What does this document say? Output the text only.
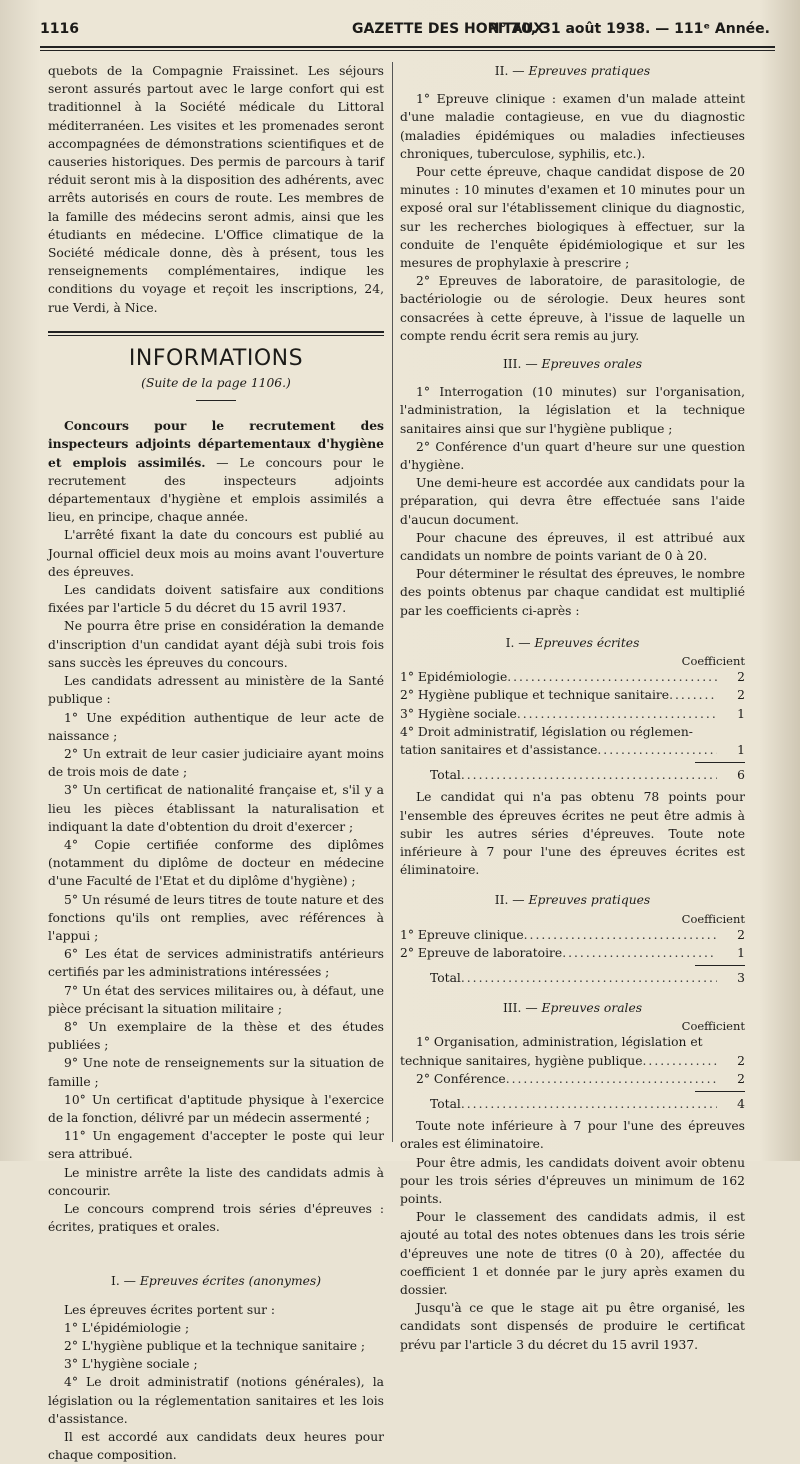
1116	GAZETTE DES HOPITAUX
N° 70, 31 août 1938. — 111ᵉ Année.

quebots de la Compagnie Fraissinet. Les séjours seront assurés partout avec le large confort qui est traditionnel à la Société médicale du Littoral méditerranéen. Les visites et les promenades seront accompagnées de démonstrations scientifiques et de causeries historiques. Des permis de parcours à tarif réduit seront mis à la disposition des adhérents, avec arrêts autorisés en cours de route. Les membres de la famille des médecins seront admis, ainsi que les étudiants en médecine. L'Office climatique de la Société médicale donne, dès à présent, tous les renseignements complémentaires, indique les conditions du voyage et reçoit les inscriptions, 24, rue Verdi, à Nice.

INFORMATIONS
(Suite de la page 1106.)

Concours pour le recrutement des inspecteurs adjoints départementaux d'hygiène et emplois assimilés. — Le concours pour le recrutement des inspecteurs adjoints départementaux d'hygiène et emplois assimilés a lieu, en principe, chaque année.

L'arrêté fixant la date du concours est publié au Journal officiel deux mois au moins avant l'ouverture des épreuves.

Les candidats doivent satisfaire aux conditions fixées par l'article 5 du décret du 15 avril 1937.

Ne pourra être prise en considération la demande d'inscription d'un candidat ayant déjà subi trois fois sans succès les épreuves du concours.

Les candidats adressent au ministère de la Santé publique :

1° Une expédition authentique de leur acte de naissance ;

2° Un extrait de leur casier judiciaire ayant moins de trois mois de date ;

3° Un certificat de nationalité française et, s'il y a lieu les pièces établissant la naturalisation et indiquant la date d'obtention du droit d'exercer ;

4° Copie certifiée conforme des diplômes (notamment du diplôme de docteur en médecine d'une Faculté de l'Etat et du diplôme d'hygiène) ;

5° Un résumé de leurs titres de toute nature et des fonctions qu'ils ont remplies, avec références à l'appui ;

6° Les état de services administratifs antérieurs certifiés par les administrations intéressées ;

7° Un état des services militaires ou, à défaut, une pièce précisant la situation militaire ;

8° Un exemplaire de la thèse et des études publiées ;

9° Une note de renseignements sur la situation de famille ;

10° Un certificat d'aptitude physique à l'exercice de la fonction, délivré par un médecin assermenté ;

11° Un engagement d'accepter le poste qui leur sera attribué.

Le ministre arrête la liste des candidats admis à concourir.

Le concours comprend trois séries d'épreuves : écrites, pratiques et orales.

I. — Epreuves écrites (anonymes)

Les épreuves écrites portent sur :

1° L'épidémiologie ;

2° L'hygiène publique et la technique sanitaire ;

3° L'hygiène sociale ;

4° Le droit administratif (notions générales), la législation ou la réglementation sanitaires et les lois d'assistance.

Il est accordé aux candidats deux heures pour chaque composition.

II. — Epreuves pratiques

1° Epreuve clinique : examen d'un malade atteint d'une maladie contagieuse, en vue du diagnostic (maladies épidémiques ou maladies infectieuses chroniques, tuberculose, syphilis, etc.).

Pour cette épreuve, chaque candidat dispose de 20 minutes : 10 minutes d'examen et 10 minutes pour un exposé oral sur l'établissement clinique du diagnostic, sur les recherches biologiques à effectuer, sur la conduite de l'enquête épidémiologique et sur les mesures de prophylaxie à prescrire ;

2° Epreuves de laboratoire, de parasitologie, de bactériologie ou de sérologie. Deux heures sont consacrées à cette épreuve, à l'issue de laquelle un compte rendu écrit sera remis au jury.

III. — Epreuves orales

1° Interrogation (10 minutes) sur l'organisation, l'administration, la législation et la technique sanitaires ainsi que sur l'hygiène publique ;

2° Conférence d'un quart d'heure sur une question d'hygiène.

Une demi-heure est accordée aux candidats pour la préparation, qui devra être effectuée sans l'aide d'aucun document.

Pour chacune des épreuves, il est attribué aux candidats un nombre de points variant de 0 à 20.

Pour déterminer le résultat des épreuves, le nombre des points obtenus par chaque candidat est multiplié par les coefficients ci-après :

I. — Epreuves écrites
Coefficient
1° Epidémiologie .....	2
2° Hygiène publique et technique sanitaire .....	2
3° Hygiène sociale .....	1
4° Droit administratif, législation ou réglemen-
tation sanitaires et d'assistance .....	1
Total .....	6

Le candidat qui n'a pas obtenu 78 points pour l'ensemble des épreuves écrites ne peut être admis à subir les autres séries d'épreuves. Toute note inférieure à 7 pour l'une des épreuves écrites est éliminatoire.

II. — Epreuves pratiques
Coefficient
1° Epreuve clinique .....	2
2° Epreuve de laboratoire .....	1
Total .....	3
III. — Epreuves orales
Coefficient
1° Organisation, administration, législation et
technique sanitaires, hygiène publique .....	2
2° Conférence .....	2
Total .....	4

Toute note inférieure à 7 pour l'une des épreuves orales est éliminatoire.

Pour être admis, les candidats doivent avoir obtenu pour les trois séries d'épreuves un minimum de 162 points.

Pour le classement des candidats admis, il est ajouté au total des notes obtenues dans les trois série d'épreuves une note de titres (0 à 20), affectée du coefficient 1 et donnée par le jury après examen du dossier.

Jusqu'à ce que le stage ait pu être organisé, les candidats sont dispensés de produire le certificat prévu par l'article 3 du décret du 15 avril 1937.
